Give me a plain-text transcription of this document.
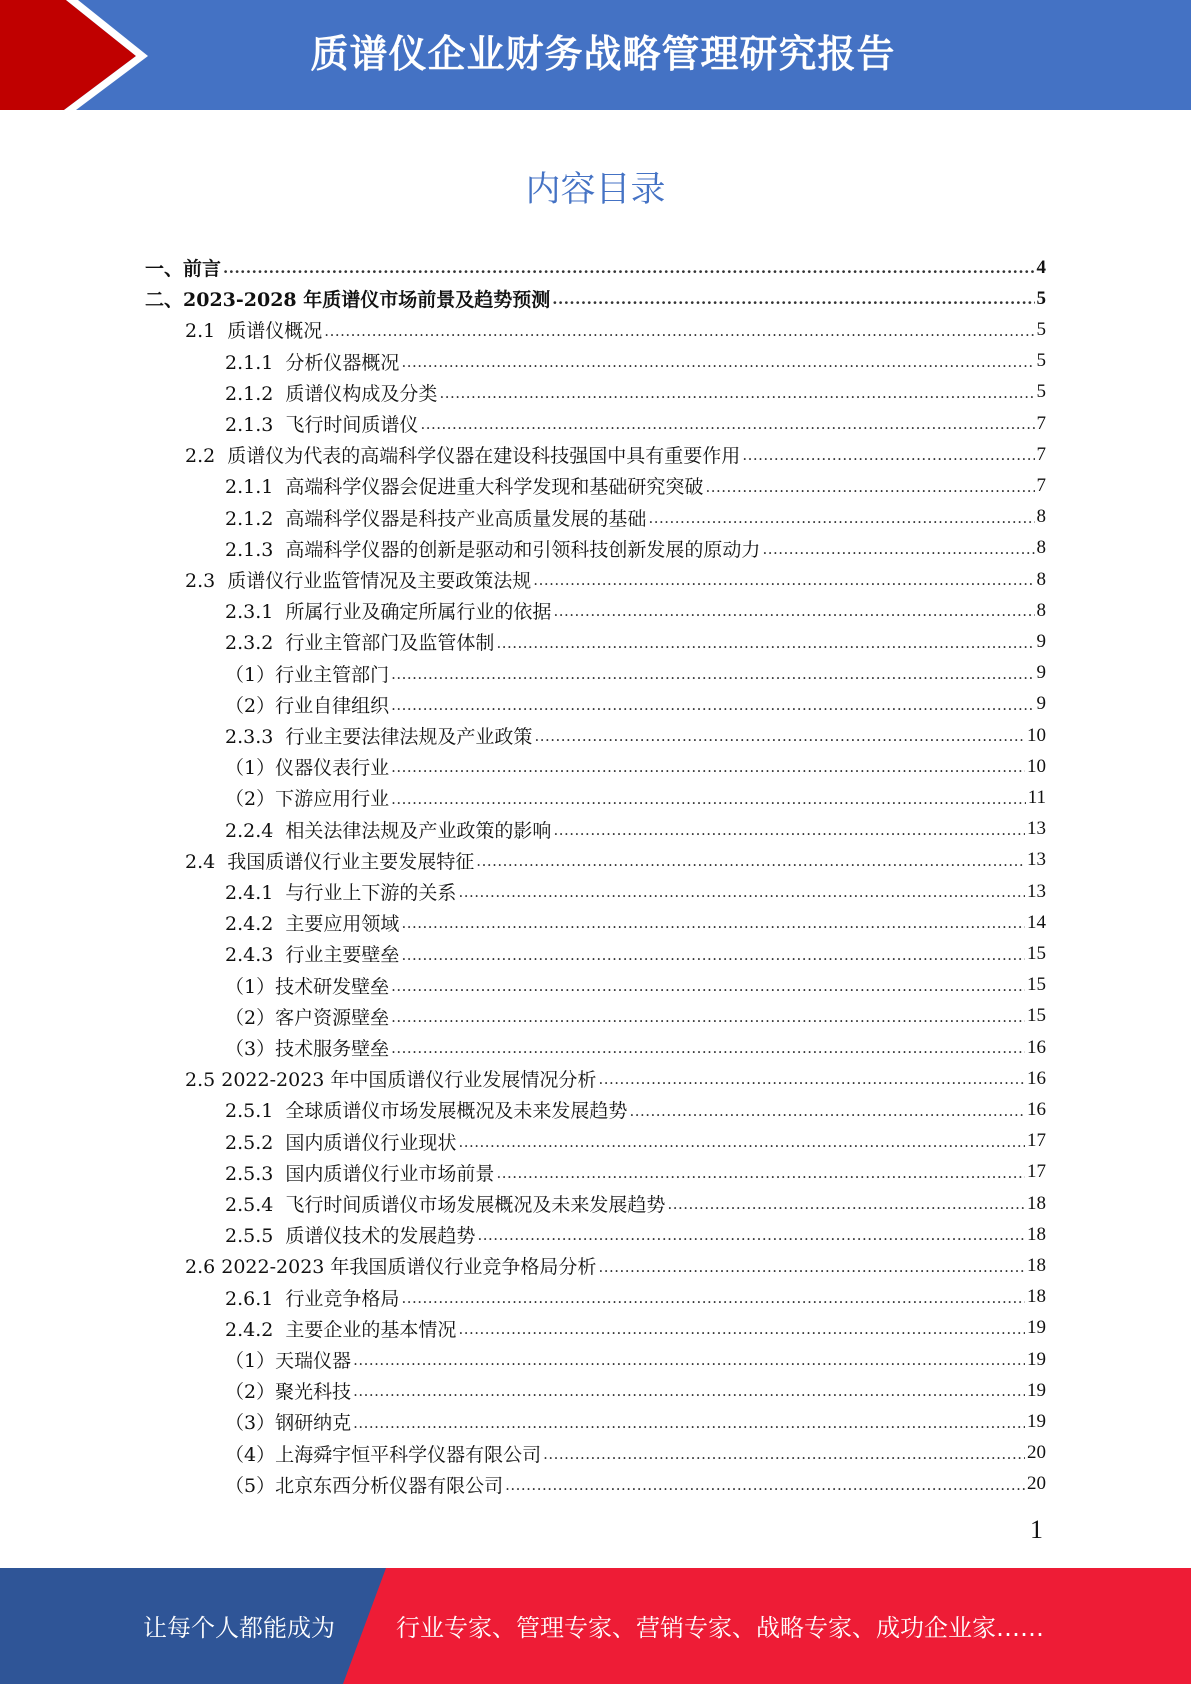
质谱仪企业财务战略管理研究报告
内容目录
一、前言 .....	4
二、2023-2028 年质谱仪市场前景及趋势预测 .....	5
2.1  质谱仪概况 .....	5
2.1.1  分析仪器概况 .....	5
2.1.2  质谱仪构成及分类 .....	5
2.1.3  飞行时间质谱仪 .....	7
2.2  质谱仪为代表的高端科学仪器在建设科技强国中具有重要作用 .....	7
2.1.1  高端科学仪器会促进重大科学发现和基础研究突破 .....	7
2.1.2  高端科学仪器是科技产业高质量发展的基础 .....	8
2.1.3  高端科学仪器的创新是驱动和引领科技创新发展的原动力 .....	8
2.3  质谱仪行业监管情况及主要政策法规 .....	8
2.3.1  所属行业及确定所属行业的依据 .....	8
2.3.2  行业主管部门及监管体制 .....	9
（1）行业主管部门 .....	9
（2）行业自律组织 .....	9
2.3.3  行业主要法律法规及产业政策 .....	10
（1）仪器仪表行业 .....	10
（2）下游应用行业 .....	11
2.2.4  相关法律法规及产业政策的影响 .....	13
2.4  我国质谱仪行业主要发展特征 .....	13
2.4.1  与行业上下游的关系 .....	13
2.4.2  主要应用领域 .....	14
2.4.3  行业主要壁垒 .....	15
（1）技术研发壁垒 .....	15
（2）客户资源壁垒 .....	15
（3）技术服务壁垒 .....	16
2.5 2022-2023 年中国质谱仪行业发展情况分析 .....	16
2.5.1  全球质谱仪市场发展概况及未来发展趋势 .....	16
2.5.2  国内质谱仪行业现状 .....	17
2.5.3  国内质谱仪行业市场前景 .....	17
2.5.4  飞行时间质谱仪市场发展概况及未来发展趋势 .....	18
2.5.5  质谱仪技术的发展趋势 .....	18
2.6 2022-2023 年我国质谱仪行业竞争格局分析 .....	18
2.6.1  行业竞争格局 .....	18
2.4.2  主要企业的基本情况 .....	19
（1）天瑞仪器 .....	19
（2）聚光科技 .....	19
（3）钢研纳克 .....	19
（4）上海舜宇恒平科学仪器有限公司 .....	20
（5）北京东西分析仪器有限公司 .....	20
1
让每个人都能成为	行业专家、管理专家、营销专家、战略专家、成功企业家……
